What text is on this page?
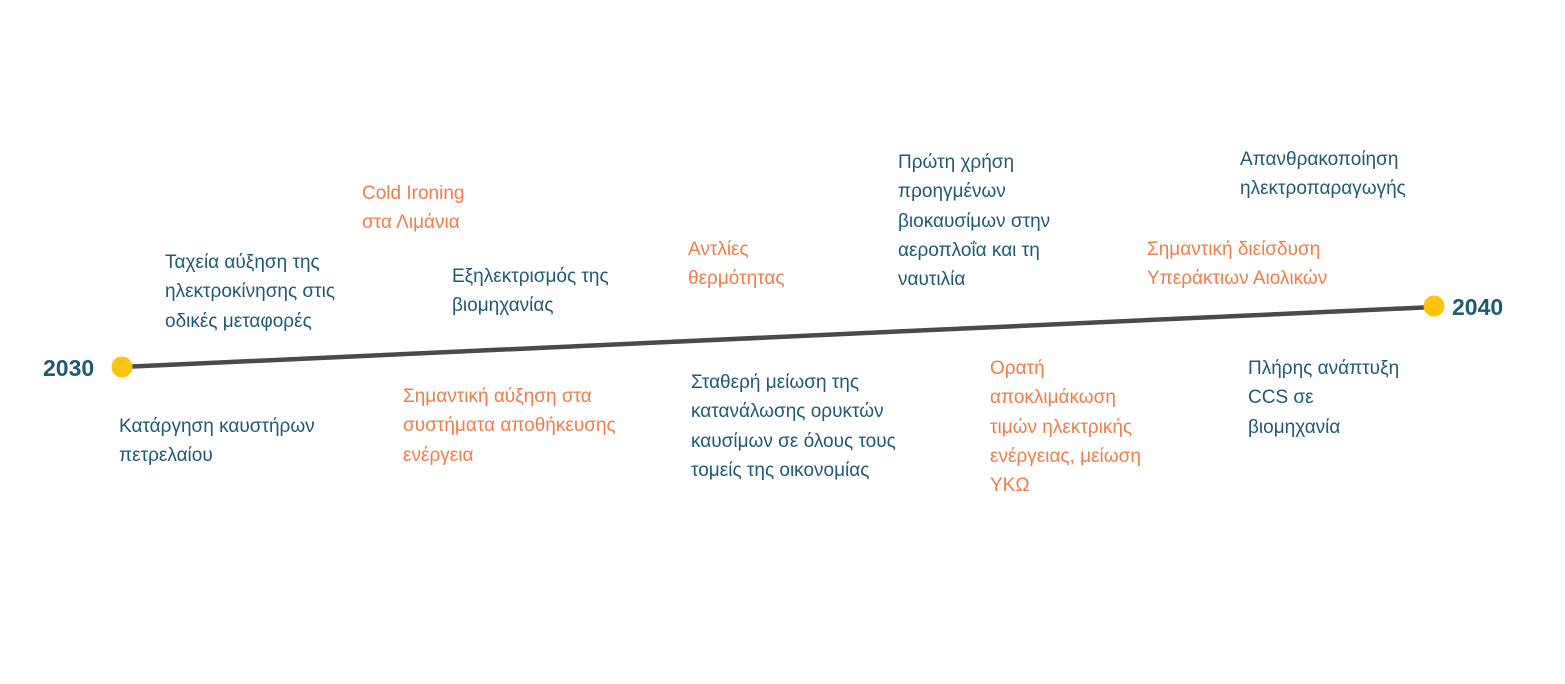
2030
2040

Ταχεία αύξηση της
ηλεκτροκίνησης στις
οδικές μεταφορές

Cold Ironing
στα Λιμάνια

Εξηλεκτρισμός της
βιομηχανίας

Αντλίες
θερμότητας

Πρώτη χρήση
προηγμένων
βιοκαυσίμων στην
αεροπλοΐα και τη
ναυτιλία

Σημαντική διείσδυση
Υπεράκτιων Αιολικών

Απανθρακοποίηση
ηλεκτροπαραγωγής

Κατάργηση καυστήρων
πετρελαίου

Σημαντική αύξηση στα
συστήματα αποθήκευσης
ενέργεια

Σταθερή μείωση της
κατανάλωσης ορυκτών
καυσίμων σε όλους τους
τομείς της οικονομίας

Ορατή
αποκλιμάκωση
τιμών ηλεκτρικής
ενέργειας, μείωση
ΥΚΩ

Πλήρης ανάπτυξη
CCS σε
βιομηχανία
